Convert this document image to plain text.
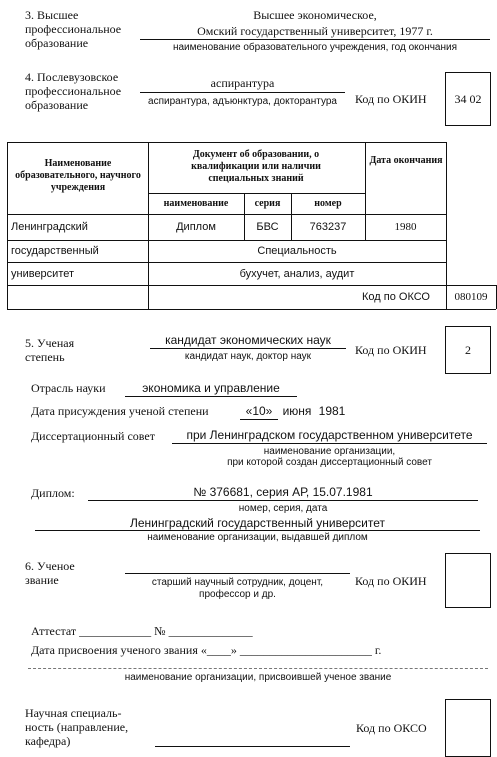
3. Высшее
профессиональное
образование
Высшее экономическое,
Омский государственный университет, 1977 г.
наименование образовательного учреждения, год окончания
4. Послевузовское
профессиональное
образование
аспирантура
аспирантура, адъюнктура, докторантура	Код по ОКИН	34 02
Наименование образовательного, научного учреждения
Документ об образовании, о квалификации или наличии специальных знаний
Дата окончания
наименование	серия	номер
Ленинградский	Диплом	БВС	763237	1980
государственный	Специальность
университет	бухучет, анализ, аудит
Код по ОКСО	080109
5. Ученая
степень
кандидат экономических наук
кандидат наук, доктор наук	Код по ОКИН	2
Отрасль науки	экономика и управление
Дата присуждения ученой степени	«10» июня 1981
Диссертационный совет	при Ленинградском государственном университете
наименование организации,
при которой создан диссертационный совет
Диплом:	№ 376681, серия АР, 15.07.1981
номер, серия, дата
Ленинградский государственный университет
наименование организации, выдавшей диплом
6. Ученое
звание	старший научный сотрудник, доцент,
профессор и др.
Код по ОКИН
Аттестат ____________ № ______________
Дата присвоения ученого звания «____» ______________________ г.
наименование организации, присвоившей ученое звание
Научная специаль-
ность (направление,
кафедра)
Код по ОКСО
